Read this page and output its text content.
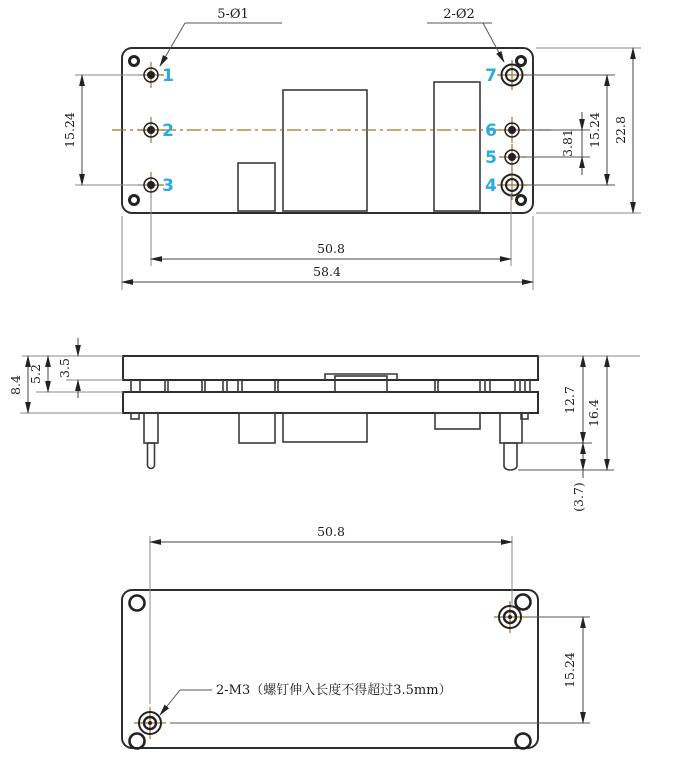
1
2
3
7
6
5
4
5-Ø1	2-Ø2
15.24	3.81 15.24 22.8
50.8
58.4
3.5
5.2
8.4
12.7 16.4
(3.7)
50.8
15.24
2-M3（螺钉伸入长度不得超过3.5mm）
